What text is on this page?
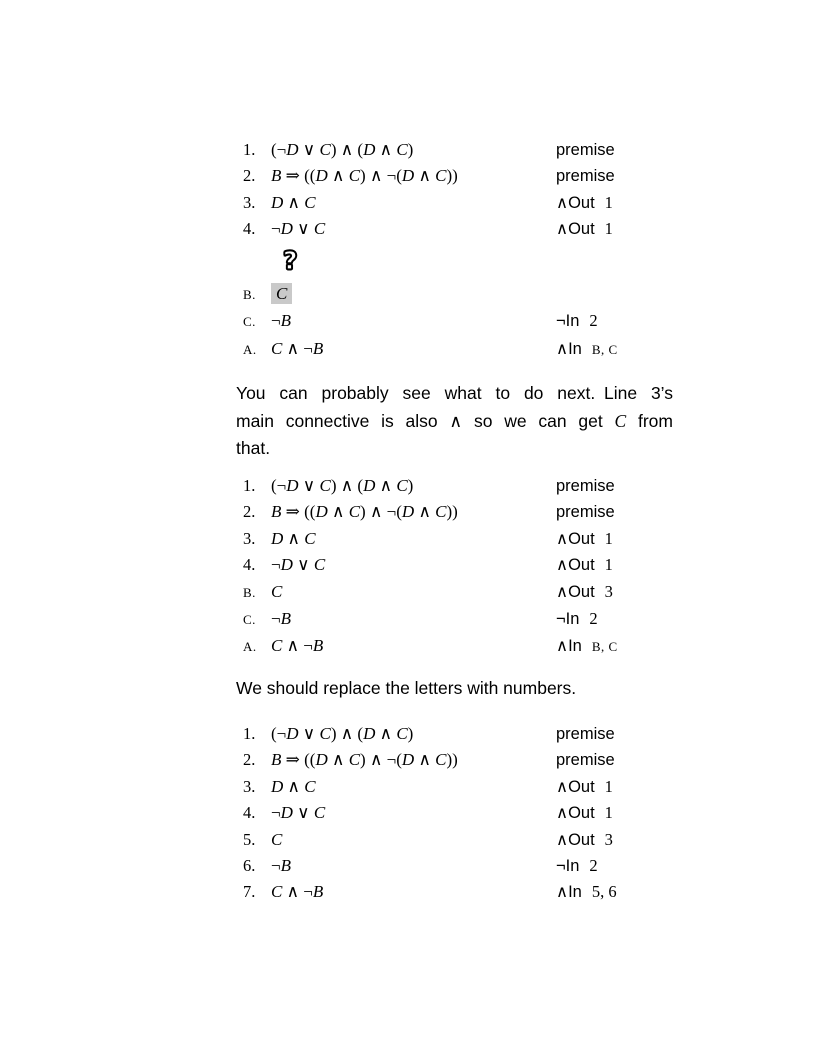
1. (¬D ∨ C) ∧ (D ∧ C)	premise
2. B ⇒ ((D ∧ C) ∧ ¬(D ∧ C))	premise
3. D ∧ C	∧Out 1
4. ¬D ∨ C	∧Out 1
?
B.	C
C. ¬B	¬In 2
A. C ∧ ¬B	∧In B, C
You can probably see what to do next. Line 3’s
main connective is also ∧ so we can get C from
that.
1. (¬D ∨ C) ∧ (D ∧ C)	premise
2. B ⇒ ((D ∧ C) ∧ ¬(D ∧ C))	premise
3. D ∧ C	∧Out 1
4. ¬D ∨ C	∧Out 1
B. C	∧Out 3
C. ¬B	¬In 2
A. C ∧ ¬B	∧In B, C
We should replace the letters with numbers.
1. (¬D ∨ C) ∧ (D ∧ C)	premise
2. B ⇒ ((D ∧ C) ∧ ¬(D ∧ C))	premise
3. D ∧ C	∧Out 1
4. ¬D ∨ C	∧Out 1
5. C	∧Out 3
6. ¬B	¬In 2
7. C ∧ ¬B	∧In 5, 6
